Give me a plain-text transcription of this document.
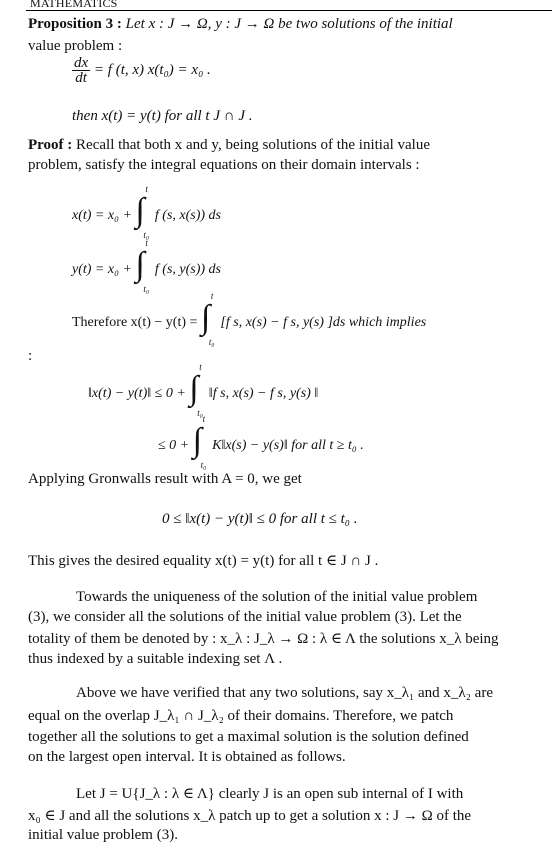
MATHEMATICS
Proposition 3 : Let x : J → Ω, y : J → Ω be two solutions of the initial
value problem :
$\frac{dx}{dt} = f$ (t, x) x(t₀) = x₀ .
then x(t) = y(t) for all t J ∩ J .
Proof : Recall that both x and y, being solutions of the initial value
problem, satisfy the integral equations on their domain intervals :
x(t) = x₀ + ∫
t
t₀
f (s, x(s)) ds
y(t) = x₀ + ∫
t
t₀
f (s, y(s)) ds
Therefore x(t) − y(t) = ∫
t
t₀
[f s, x(s) − f s, y(s) ]ds which implies
:
‖x(t) − y(t)‖ ≤ 0 + ∫
t
t₀
‖f s, x(s) − f s, y(s) ‖
≤ 0 + ∫
t
t₀
K‖x(s) − y(s)‖ for all t ≥ t₀ .
Applying Gronwalls result with A = 0, we get
0 ≤ ‖x(t) − y(t)‖ ≤ 0 for all t ≤ t₀ .
This gives the desired equality x(t) = y(t) for all t ∈ J ∩ J .
Towards the uniqueness of the solution of the initial value problem
(3), we consider all the solutions of the initial value problem (3). Let the
totality of them be denoted by : x_λ : J_λ → Ω : λ ∈ Λ the solutions x_λ being
thus indexed by a suitable indexing set Λ .
Above we have verified that any two solutions, say x_λ₁ and x_λ₂ are
equal on the overlap J_λ₁ ∩ J_λ₂ of their domains. Therefore, we patch
together all the solutions to get a maximal solution is the solution defined
on the largest open interval. It is obtained as follows.
Let J = U{J_λ : λ ∈ Λ} clearly J is an open sub internal of I with
x₀ ∈ J and all the solutions x_λ patch up to get a solution x : J → Ω of the
initial value problem (3).
